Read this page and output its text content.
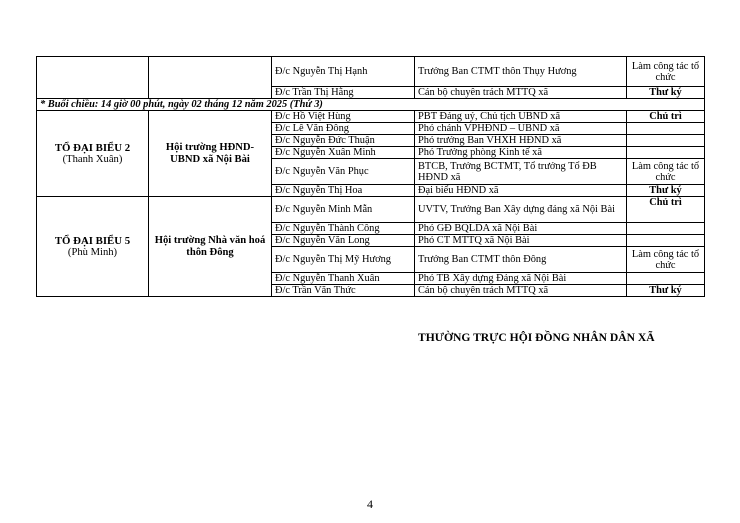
		Đ/c Nguyễn Thị Hạnh	Trưởng Ban CTMT thôn Thụy Hương	Làm công tác tổ chức
		Đ/c Trần Thị Hằng	Cán bộ chuyên trách MTTQ xã	Thư ký
* Buổi chiều: 14 giờ 00 phút, ngày 02 tháng 12 năm 2025 (Thứ 3)				

TỔ ĐẠI BIỂU 2
(Thanh Xuân)	Hội trường HĐND-UBND xã Nội Bài	Đ/c Hồ Việt Hùng	PBT Đảng uỷ, Chủ tịch UBND xã	Chủ trì
		Đ/c Lê Văn Đông	Phó chánh VPHĐND – UBND xã	
		Đ/c Nguyễn Đức Thuận	Phó trưởng Ban VHXH HĐND xã	
		Đ/c Nguyễn Xuân Minh	Phó Trưởng phòng Kinh tế xã	
		Đ/c Nguyễn Văn Phục	BTCB, Trưởng BCTMT, Tổ trưởng Tổ ĐB HĐND xã	Làm công tác tổ chức
		Đ/c Nguyễn Thị Hoa	Đại biểu HĐND xã	Thư ký

TỔ ĐẠI BIỂU 5
(Phù Minh)	Hội trường Nhà văn hoá thôn Đông	Đ/c Nguyễn Minh Mẫn	UVTV, Trưởng Ban Xây dựng đảng xã Nội Bài	Chủ trì
		Đ/c Nguyễn Thành Công	Phó GĐ BQLDA xã Nội Bài	
		Đ/c Nguyễn Văn Long	Phó CT MTTQ xã Nội Bài	
		Đ/c Nguyễn Thị Mỹ Hương	Trưởng Ban CTMT thôn Đông	Làm công tác tổ chức
		Đ/c Nguyễn Thanh Xuân	Phó TB Xây dựng Đảng xã Nội Bài	
		Đ/c Trần Văn Thức	Cán bộ chuyên trách MTTQ xã	Thư ký
THƯỜNG TRỰC HỘI ĐỒNG NHÂN DÂN XÃ
4
